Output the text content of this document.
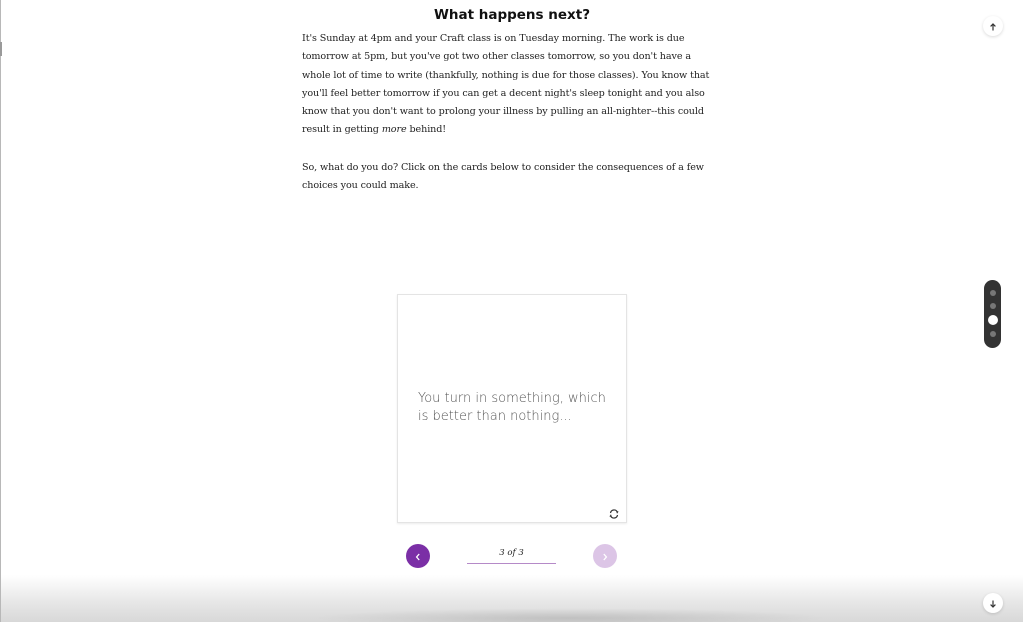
What happens next?

It's Sunday at 4pm and your Craft class is on Tuesday morning. The work is due tomorrow at 5pm, but you've got two other classes tomorrow, so you don't have a whole lot of time to write (thankfully, nothing is due for those classes). You know that you'll feel better tomorrow if you can get a decent night's sleep tonight and you also know that you don't want to prolong your illness by pulling an all-nighter--this could result in getting more behind!

So, what do you do? Click on the cards below to consider the consequences of a few choices you could make.

You turn in something, which is better than nothing...
3 of 3
